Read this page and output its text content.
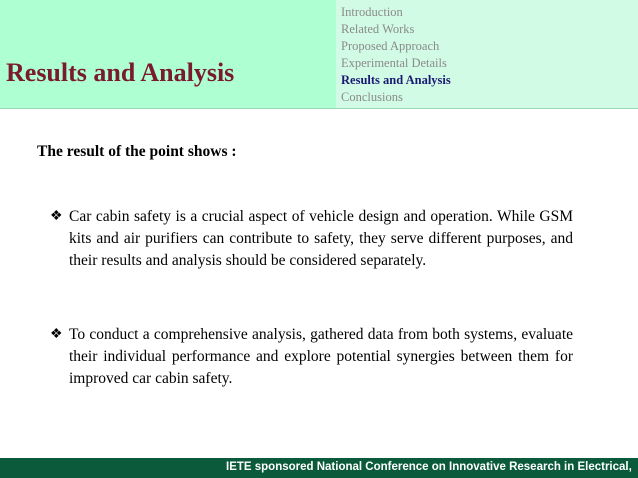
Results and Analysis
Introduction
Related Works
Proposed Approach
Experimental Details
Results and Analysis
Conclusions

The result of the point shows :

❖ Car cabin safety is a crucial aspect of vehicle design and operation. While GSM kits and air purifiers can contribute to safety, they serve different purposes, and their results and analysis should be considered separately.
❖ To conduct a comprehensive analysis, gathered data from both systems, evaluate their individual performance and explore potential synergies between them for improved car cabin safety.

IETE sponsored National Conference on Innovative Research in Electrical,
